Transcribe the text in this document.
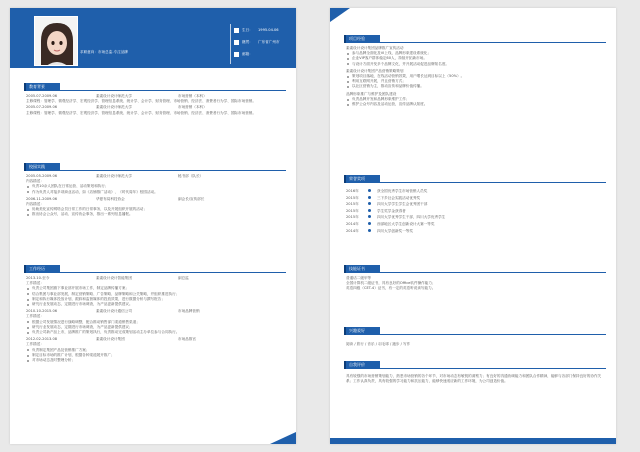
求职意向：市场总监-专注品牌
生日：	1995.04.06
籍贯：	广东省广州市
邮箱：
教育背景
2005.07-2009.06	素素设计设计师范大学	市场营销（本科）
主修课程：管理学、微观经济学、宏观经济学、管理信息系统、统计学、会计学、财务管理、市场营销、经济法、消费者行为学、国际市场营销。
2005.07-2009.06	素素设计设计师范大学	市场营销（本科）
主修课程：管理学、微观经济学、宏观经济学、管理信息系统、统计学、会计学、财务管理、市场营销、经济法、消费者行为学、国际市场营销。
校园实践
2005.05-2009.06	素素设计设计师范大学	秘书部（队长）
内容描述：
负责10余人团队在日常运营、活动策划和执行；
作为负责人对接多项商业活动，如《店铺推广活动》、《时代周年》校园活动。
2006.11-2009.06	华夏布局科技协会	副会长/宣传部长
内容描述：
协助美化宣传网络会员日常工作的日常事务，以及开展组织开展的活动；
推出协会公众号，活动、宣传协会事务，推出一系列信息播报。
工作经历
2013.10-至今	素素设计设计智能集团	副总监
工作描述：
负责公司集团旗下事业部开展市场工作，制定品牌传播方案；
结合集团与事业部发展，制定营销策略、广告策略、品牌策略和公关策略，并组织推进执行；
制定和执行媒体投放计划，跟踪和监督媒体的投放效果，进行数据分析与撰写报告；
研究行业发展动态，定期进行市场调查，为产品更新提供建议。
2010.10-2015.06	素素设计设计通信公司	市场品牌营销
工作描述：
根据公司发展情况进行战略调整，配合推动销售部门渠道销售渠道；
研究行业发展动态，定期进行市场调查，为产品更新提供建议；
负责公司新产品上市，品牌推广的策划执行，负责推动完成策划活动主办单位参与合同执行。
2012.02-2013.08	素素设计设计集团	市场品推官
工作描述：
负责制定集团产品及营销推广方案；
制定目标市场的推广计划，根据各种渠道展开推广；
对市场动态及时整理分析；
项目经验
素素设计设计集团品牌推广宣传活动
参与品牌全面化及VI上线，品牌形象建设系统化；
企业VIP客户群体稳定60人，持续开拓新市场。
与设计方面开发多个品牌文化，并开展活动促进品牌知名度。
素素设计设计集团产品营销策略策划
策划项目落地，在线活动营销效果，用户增长达到目标以上（50%）。
利用互联网开展，并且营销方式；
以社区营销为主，推动宣传和品牌价值传播。
品牌形象推广与维护及团队建设
负责品牌开发和品牌形象维护工作；
维护公众号内容及活动运营，宣传品牌认知度。
荣誉奖项
2016年	获全国优秀学生市场营销人员奖
2015年	三下乡社会实践活动优秀奖
2015年	四川大学学生学生会优秀团干部
2015年	学生奖学金获得者
2015年	四川大学优秀学生干部，四川大学优秀学生
2014年	西部地区大学生创新设计大赛一等奖
2014年	四川大学创新奖一等奖
技能证书
普通话二级甲等
全国计算机二级证书，具有良好的Office软件操作能力；
英语四级（CET-4）证书，有一定的英语听说读写能力。
兴趣爱好
阅读 / 旅行 / 音乐 / 羽毛球 / 跑步 / 写作
自我评价
具有较强的市场营销策划能力，熟悉市场营销的各个环节，对市场动态有敏锐的洞察力；有良好的沟通协调能力和团队合作精神，能够与各部门保持良好的协作关系；工作认真负责，具有较强的学习能力和抗压能力，能够快速适应新的工作环境，为公司创造价值。
